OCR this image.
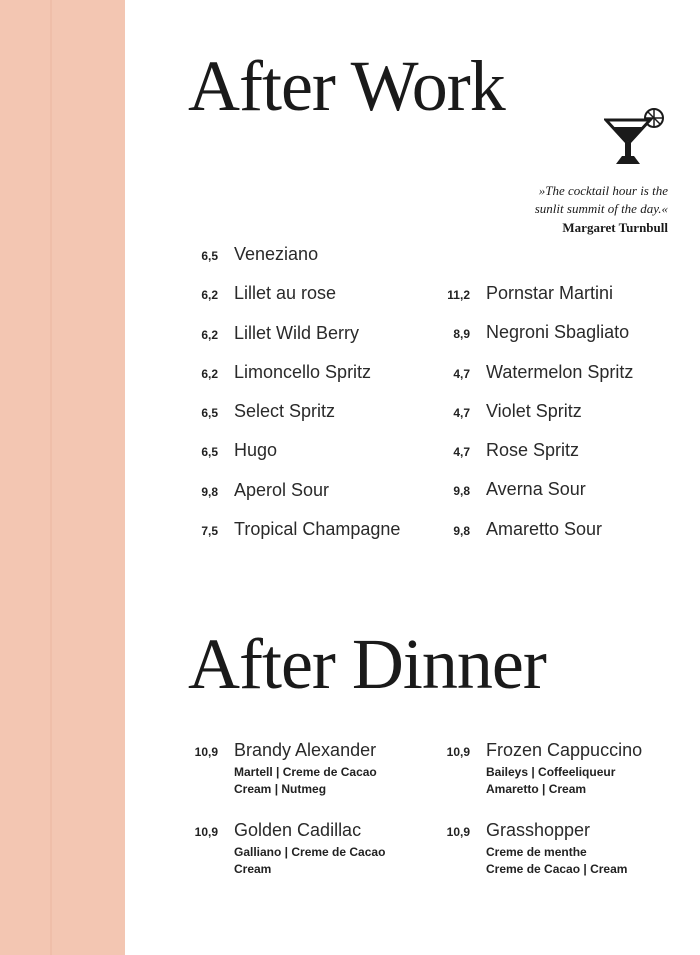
After Work
»The cocktail hour is the
sunlit summit of the day.«
Margaret Turnbull
6,5 Veneziano
6,2 Lillet au rose
6,2 Lillet Wild Berry
6,2 Limoncello Spritz
6,5 Select Spritz
6,5 Hugo
9,8 Aperol Sour
7,5 Tropical Champagne
11,2 Pornstar Martini
8,9 Negroni Sbagliato
4,7 Watermelon Spritz
4,7 Violet Spritz
4,7 Rose Spritz
9,8 Averna Sour
9,8 Amaretto Sour
After Dinner
10,9 Brandy Alexander
Martell | Creme de Cacao
Cream | Nutmeg
10,9 Golden Cadillac
Galliano | Creme de Cacao
Cream
10,9 Frozen Cappuccino
Baileys | Coffeeliqueur
Amaretto | Cream
10,9 Grasshopper
Creme de menthe
Creme de Cacao | Cream
